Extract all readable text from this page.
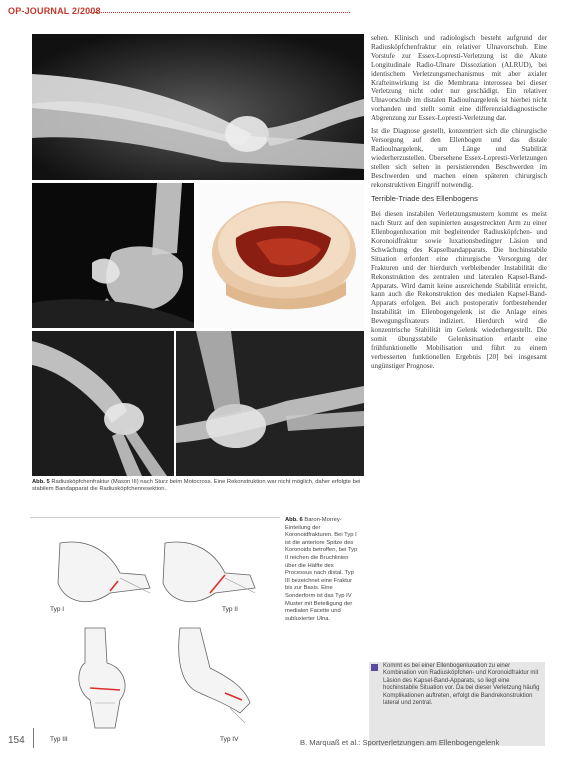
OP-JOURNAL 2/2008
Abb. 5 Radiusköpfchenfraktur (Mason III) nach Sturz beim Motocross. Eine Rekonstruktion war nicht möglich, daher erfolgte bei stabilem Bandapparat die Radiusköpfchenresektion.
Typ I	Typ II
Typ III	Typ IV
Abb. 6 Baron-Morrey-Einteilung der Koronoidfrakturen. Bei Typ I ist die anteriore Spitze des Koronoids betroffen, bei Typ II reichen die Bruchlinien über die Hälfte des Processus nach distal. Typ III bezeichnet eine Fraktur bis zur Basis. Eine Sonderform ist das Typ IV Muster mit Beteiligung der medialen Facette und subluxierter Ulna.

sehen. Klinisch und radiologisch besteht aufgrund der Radiusköpfchenfraktur ein relativer Ulnavorschub. Eine Vorstufe zur Essex-Lopresti-Verletzung ist die Akute Longitudinale Radio-Ulnare Dissoziation (ALRUD), bei identischem Verletzungsmechanismus mit aber axialer Krafteinwirkung ist die Membrana interossea bei dieser Verletzung nicht oder nur geschädigt. Ein relativer Ulnavorschub im distalen Radioulnargelenk ist hierbei nicht vorhanden und stellt somit eine differenzialdiagnostische Abgrenzung zur Essex-Lopresti-Verletzung dar.

Ist die Diagnose gestellt, konzentriert sich die chirurgische Versorgung auf den Ellenbogen und das distale Radioulnargelenk, um Länge und Stabilität wiederherzustellen. Übersehene Essex-Lopresti-Verletzungen stellen sich selten in persistierenden Beschwerden im Beschwerden und machen einen späteren chirurgisch rekonstruktiven Eingriff notwendig.

Terrible-Triade des Ellenbogens

Bei diesen instabilen Verletzungsmustern kommt es meist nach Sturz auf den supinierten ausgestreckten Arm zu einer Ellenbogenluxation mit begleitender Radiusköpfchen- und Koronoidfraktur sowie luxationsbedingter Läsion und Schwächung des Kapselbandapparats. Die hochinstabile Situation erfordert eine chirurgische Versorgung der Frakturen und der hierdurch verbleibender Instabilität die Rekonstruktion des zentralen und lateralen Kapsel-Band-Apparats. Wird damit keine ausreichende Stabilität erreicht, kann auch die Rekonstruktion des medialen Kapsel-Band-Apparats erfolgen. Bei auch postoperativ fortbestehender Instabilität im Ellenbogengelenk ist die Anlage eines Bewegungsfixateurs indiziert. Hierdurch wird die konzentrische Stabilität im Gelenk wiederhergestellt. Die somit übungsstabile Gelenksituation erlaubt eine frühfunktionelle Mobilisation und führt zu einem verbesserten funktionellen Ergebnis [20] bei insgesamt ungünstiger Prognose.

Kommt es bei einer Ellenbogenluxation zu einer Kombination von Radiusköpfchen- und Koronoidfraktur mit Läsion des Kapsel-Band-Apparats, so liegt eine hochinstabile Situation vor. Da bei dieser Verletzung häufig Komplikationen auftreten, erfolgt die Bandrekonstruktion lateral und zentral.
154	B. Marquaß et al.: Sportverletzungen am Ellenbogengelenk
